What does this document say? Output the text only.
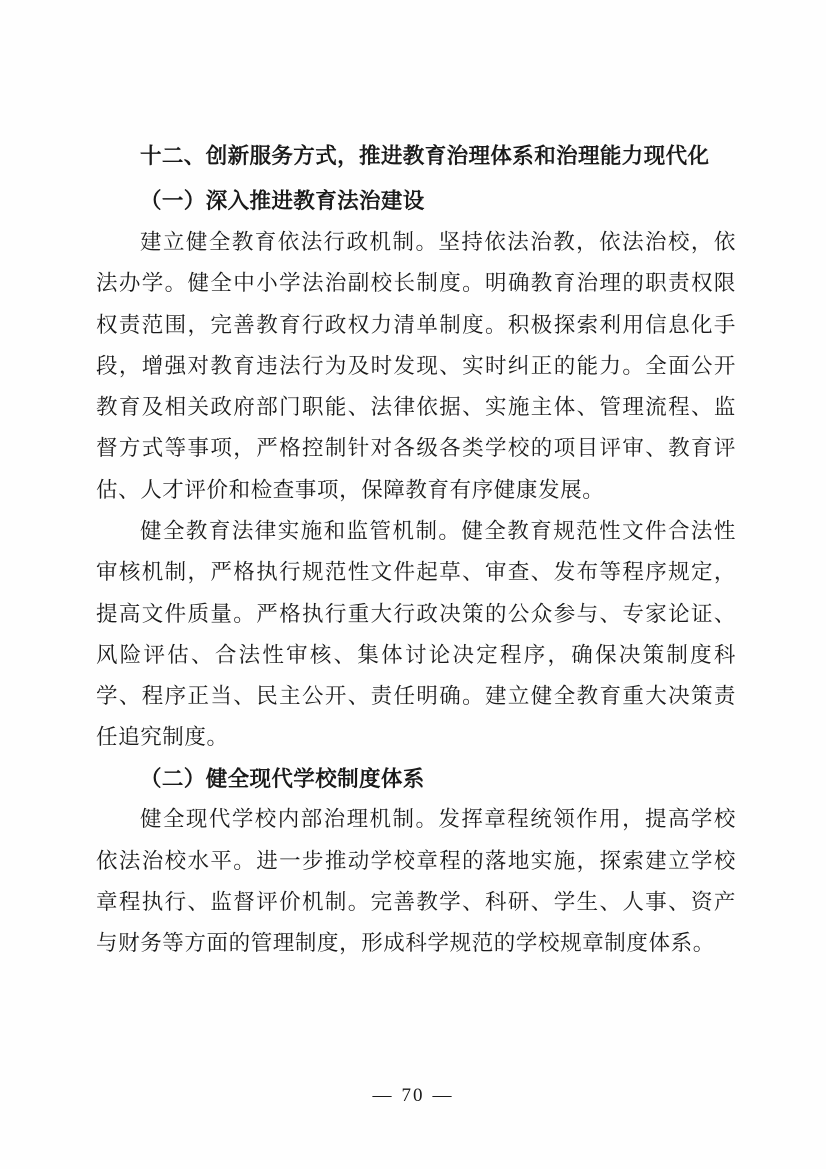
十二、创新服务方式，推进教育治理体系和治理能力现代化
（一）深入推进教育法治建设

建立健全教育依法行政机制。坚持依法治教，依法治校，依法办学。健全中小学法治副校长制度。明确教育治理的职责权限权责范围，完善教育行政权力清单制度。积极探索利用信息化手段，增强对教育违法行为及时发现、实时纠正的能力。全面公开教育及相关政府部门职能、法律依据、实施主体、管理流程、监督方式等事项，严格控制针对各级各类学校的项目评审、教育评估、人才评价和检查事项，保障教育有序健康发展。

健全教育法律实施和监管机制。健全教育规范性文件合法性审核机制，严格执行规范性文件起草、审查、发布等程序规定，提高文件质量。严格执行重大行政决策的公众参与、专家论证、风险评估、合法性审核、集体讨论决定程序，确保决策制度科学、程序正当、民主公开、责任明确。建立健全教育重大决策责任追究制度。

（二）健全现代学校制度体系

健全现代学校内部治理机制。发挥章程统领作用，提高学校依法治校水平。进一步推动学校章程的落地实施，探索建立学校章程执行、监督评价机制。完善教学、科研、学生、人事、资产与财务等方面的管理制度，形成科学规范的学校规章制度体系。

— 70 —
